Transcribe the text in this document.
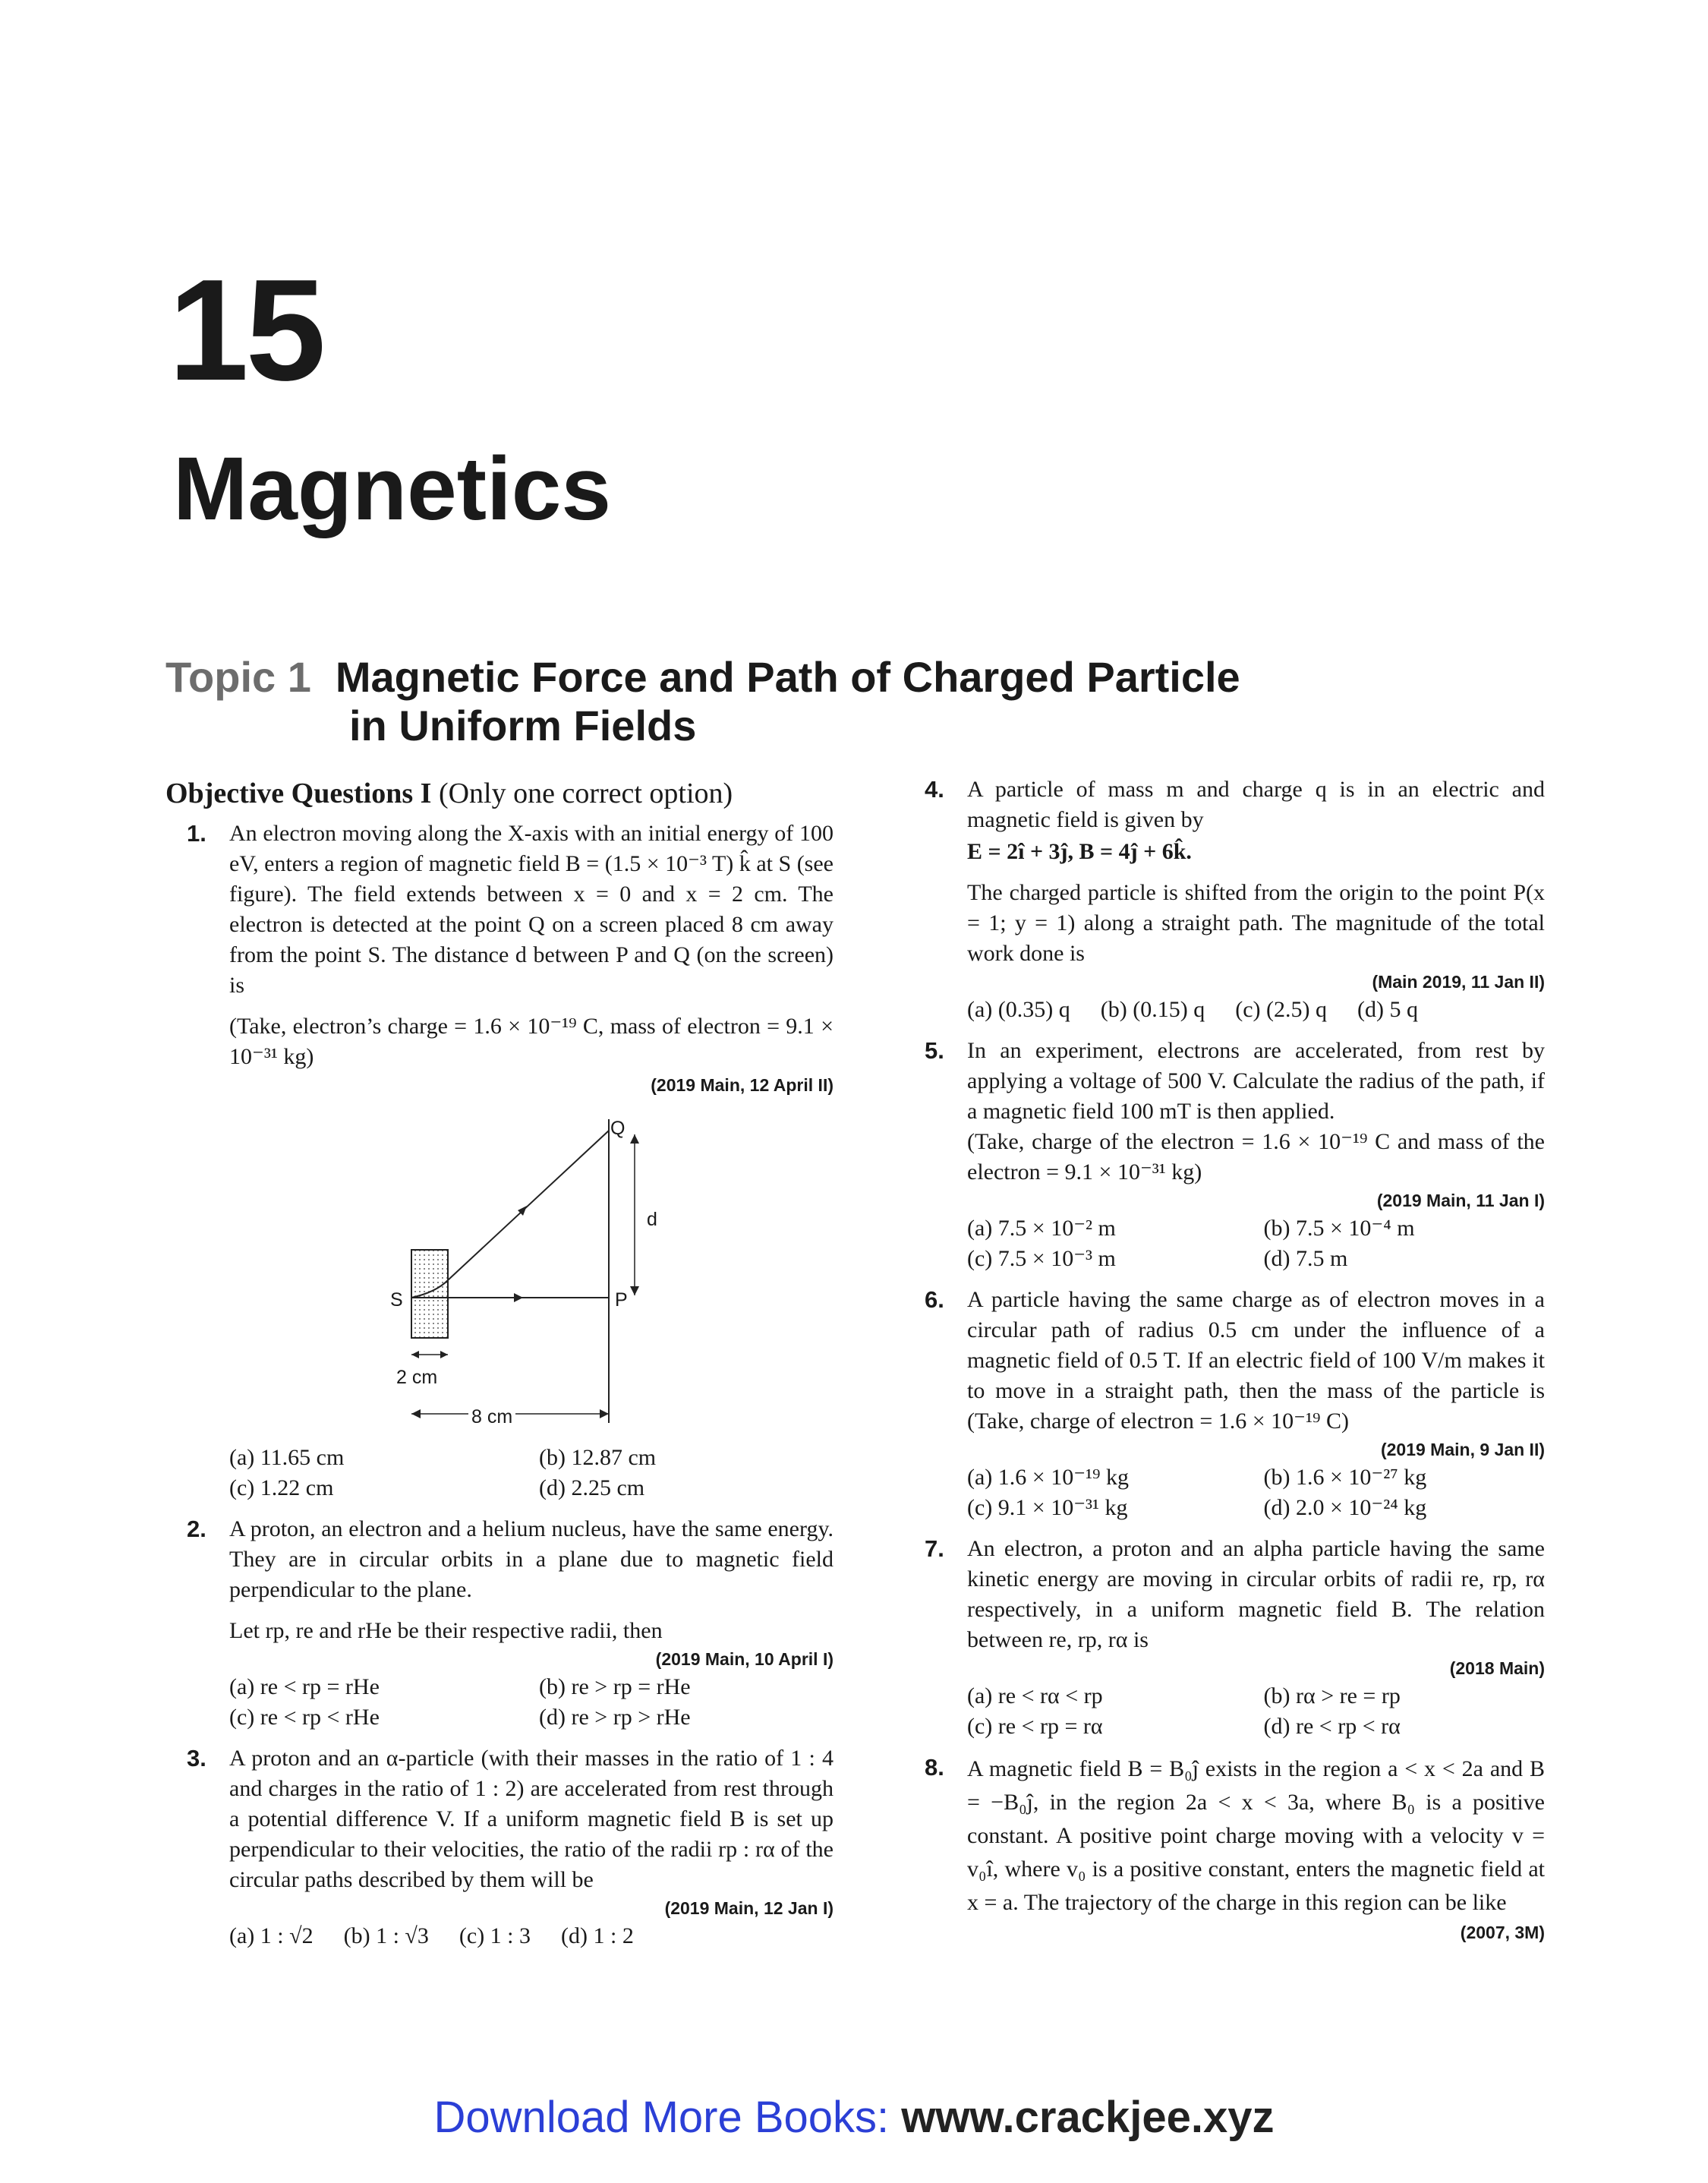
15
Magnetics
Topic 1 Magnetic Force and Path of Charged Particle
in Uniform Fields
Objective Questions I (Only one correct option)
1. An electron moving along the X-axis with an initial energy of 100 eV, enters a region of magnetic field B = (1.5 × 10⁻³ T) k̂ at S (see figure). The field extends between x = 0 and x = 2 cm. The electron is detected at the point Q on a screen placed 8 cm away from the point S. The distance d between P and Q (on the screen) is

(Take, electron’s charge = 1.6 × 10⁻¹⁹ C, mass of electron = 9.1 × 10⁻³¹ kg)

(2019 Main, 12 April II)
Q
d
S	P
2 cm
8 cm
(a) 11.65 cm	(b) 12.87 cm
(c) 1.22 cm	(d) 2.25 cm
2. A proton, an electron and a helium nucleus, have the same energy. They are in circular orbits in a plane due to magnetic field perpendicular to the plane.

Let rp, re and rHe be their respective radii, then

(2019 Main, 10 April I)
(a) re < rp = rHe	(b) re > rp = rHe
(c) re < rp < rHe	(d) re > rp > rHe
3. A proton and an α-particle (with their masses in the ratio of 1 : 4 and charges in the ratio of 1 : 2) are accelerated from rest through a potential difference V. If a uniform magnetic field B is set up perpendicular to their velocities, the ratio of the radii rp : rα of the circular paths described by them will be

(2019 Main, 12 Jan I)
(a) 1 : √2 (b) 1 : √3 (c) 1 : 3 (d) 1 : 2
4. A particle of mass m and charge q is in an electric and magnetic field is given by

E = 2î + 3ĵ, B = 4ĵ + 6k̂.

The charged particle is shifted from the origin to the point P(x = 1; y = 1) along a straight path. The magnitude of the total work done is

(Main 2019, 11 Jan II)
(a) (0.35) q (b) (0.15) q (c) (2.5) q (d) 5 q
5. In an experiment, electrons are accelerated, from rest by applying a voltage of 500 V. Calculate the radius of the path, if a magnetic field 100 mT is then applied.

(Take, charge of the electron = 1.6 × 10⁻¹⁹ C and mass of the electron = 9.1 × 10⁻³¹ kg)

(2019 Main, 11 Jan I)
(a) 7.5 × 10⁻² m	(b) 7.5 × 10⁻⁴ m
(c) 7.5 × 10⁻³ m	(d) 7.5 m
6. A particle having the same charge as of electron moves in a circular path of radius 0.5 cm under the influence of a magnetic field of 0.5 T. If an electric field of 100 V/m makes it to move in a straight path, then the mass of the particle is (Take, charge of electron = 1.6 × 10⁻¹⁹ C)

(2019 Main, 9 Jan II)
(a) 1.6 × 10⁻¹⁹ kg	(b) 1.6 × 10⁻²⁷ kg
(c) 9.1 × 10⁻³¹ kg	(d) 2.0 × 10⁻²⁴ kg
7. An electron, a proton and an alpha particle having the same kinetic energy are moving in circular orbits of radii re, rp, rα respectively, in a uniform magnetic field B. The relation between re, rp, rα is

(2018 Main)
(a) re < rα < rp	(b) rα > re = rp
(c) re < rp = rα	(d) re < rp < rα
8. A magnetic field B = B₀ĵ exists in the region a < x < 2a and B = −B₀ĵ, in the region 2a < x < 3a, where B₀ is a positive constant. A positive point charge moving with a velocity v = v₀î, where v₀ is a positive constant, enters the magnetic field at x = a. The trajectory of the charge in this region can be like

(2007, 3M)
Download More Books: www.crackjee.xyz
